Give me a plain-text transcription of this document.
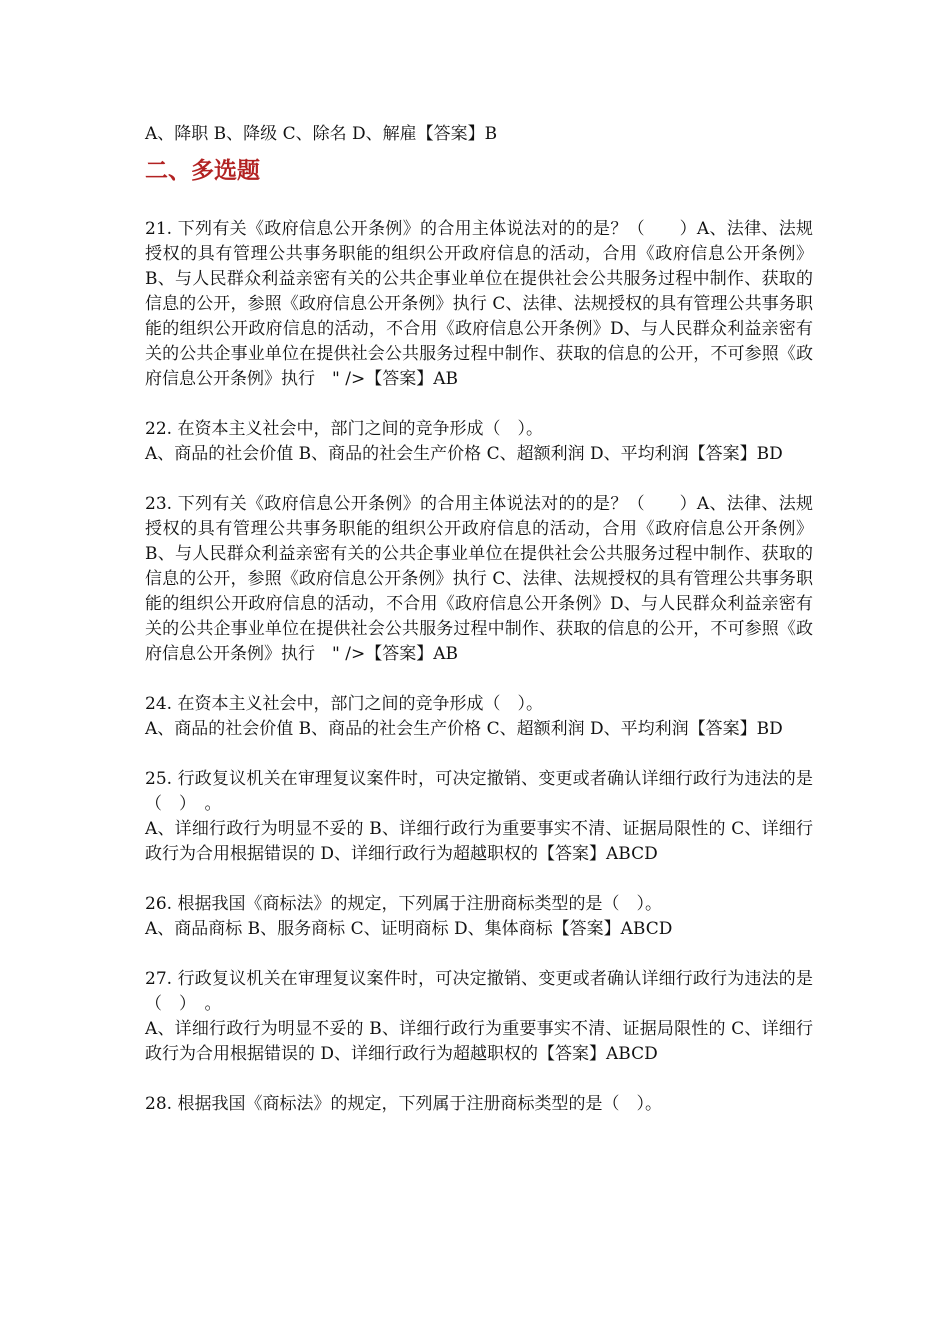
A、降职 B、降级 C、除名 D、解雇【答案】B

二、多选题

21. 下列有关《政府信息公开条例》的合用主体说法对的的是？（　　）A、法律、法规授权的具有管理公共事务职能的组织公开政府信息的活动，合用《政府信息公开条例》B、与人民群众利益亲密有关的公共企事业单位在提供社会公共服务过程中制作、获取的信息的公开，参照《政府信息公开条例》执行 C、法律、法规授权的具有管理公共事务职能的组织公开政府信息的活动，不合用《政府信息公开条例》D、与人民群众利益亲密有关的公共企事业单位在提供社会公共服务过程中制作、获取的信息的公开，不可参照《政府信息公开条例》执行　" />【答案】AB

22. 在资本主义社会中，部门之间的竞争形成（　）。

A、商品的社会价值 B、商品的社会生产价格 C、超额利润 D、平均利润【答案】BD

23. 下列有关《政府信息公开条例》的合用主体说法对的的是？（　　）A、法律、法规授权的具有管理公共事务职能的组织公开政府信息的活动，合用《政府信息公开条例》B、与人民群众利益亲密有关的公共企事业单位在提供社会公共服务过程中制作、获取的信息的公开，参照《政府信息公开条例》执行 C、法律、法规授权的具有管理公共事务职能的组织公开政府信息的活动，不合用《政府信息公开条例》D、与人民群众利益亲密有关的公共企事业单位在提供社会公共服务过程中制作、获取的信息的公开，不可参照《政府信息公开条例》执行　" />【答案】AB

24. 在资本主义社会中，部门之间的竞争形成（　）。

A、商品的社会价值 B、商品的社会生产价格 C、超额利润 D、平均利润【答案】BD

25. 行政复议机关在审理复议案件时，可决定撤销、变更或者确认详细行政行为违法的是（　）　。

A、详细行政行为明显不妥的 B、详细行政行为重要事实不清、证据局限性的 C、详细行政行为合用根据错误的 D、详细行政行为超越职权的【答案】ABCD

26. 根据我国《商标法》的规定，下列属于注册商标类型的是（　）。

A、商品商标 B、服务商标 C、证明商标 D、集体商标【答案】ABCD

27. 行政复议机关在审理复议案件时，可决定撤销、变更或者确认详细行政行为违法的是（　）　。

A、详细行政行为明显不妥的 B、详细行政行为重要事实不清、证据局限性的 C、详细行政行为合用根据错误的 D、详细行政行为超越职权的【答案】ABCD

28. 根据我国《商标法》的规定，下列属于注册商标类型的是（　）。
